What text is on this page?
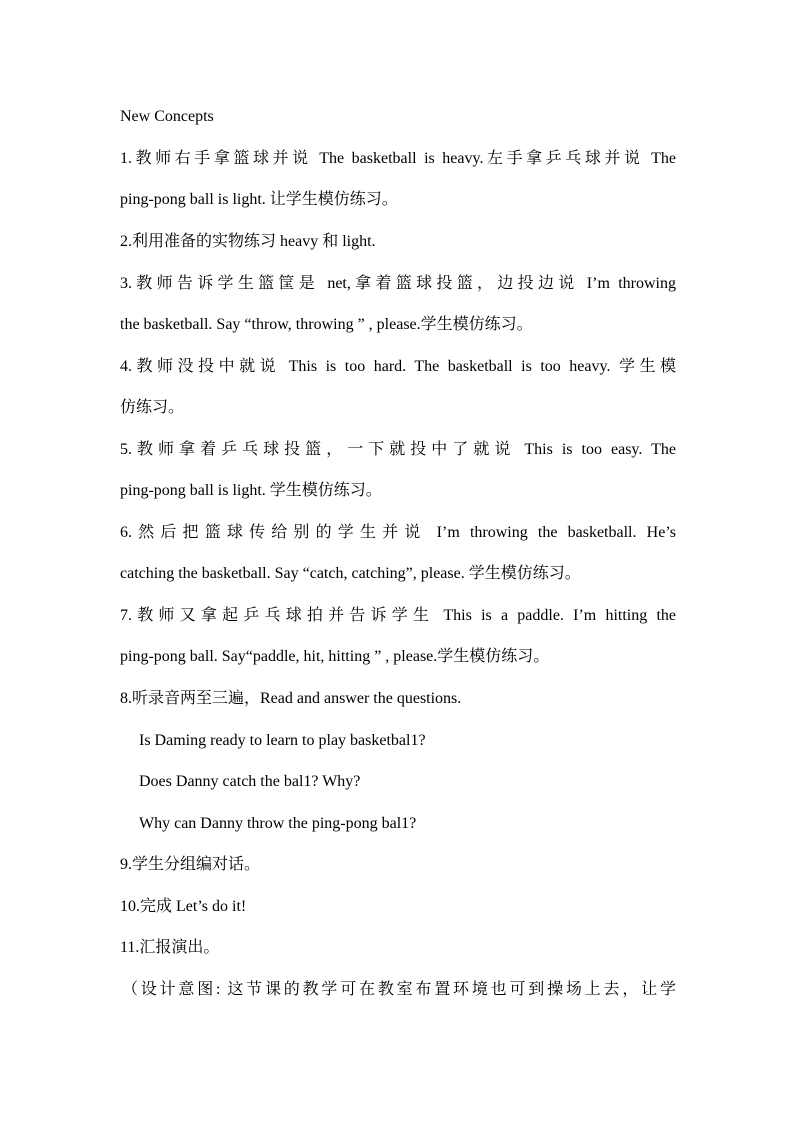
New Concepts
1.教师右手拿篮球并说 The basketball is heavy.左手拿乒乓球并说 The
ping-pong ball is light. 让学生模仿练习。
2.利用准备的实物练习 heavy 和 light.
3.教师告诉学生篮筐是 net,拿着篮球投篮，边投边说 I’m throwing
the basketball. Say “throw, throwing ” , please.学生模仿练习。
4.教师没投中就说 This is too hard. The basketball is too heavy. 学生模
仿练习。
5.教师拿着乒乓球投篮，一下就投中了就说 This is too easy. The
ping-pong ball is light. 学生模仿练习。
6.然后把篮球传给别的学生并说 I’m throwing the basketball. He’s
catching the basketball. Say “catch, catching”, please. 学生模仿练习。
7.教师又拿起乒乓球拍并告诉学生 This is a paddle. I’m hitting the
ping-pong ball. Say“paddle, hit, hitting ” , please.学生模仿练习。
8.听录音两至三遍，Read and answer the questions.
Is Daming ready to learn to play basketbal1?
Does Danny catch the bal1? Why?
Why can Danny throw the ping-pong bal1?
9.学生分组编对话。
10.完成 Let’s do it!
11.汇报演出。
（设计意图: 这节课的教学可在教室布置环境也可到操场上去，让学
